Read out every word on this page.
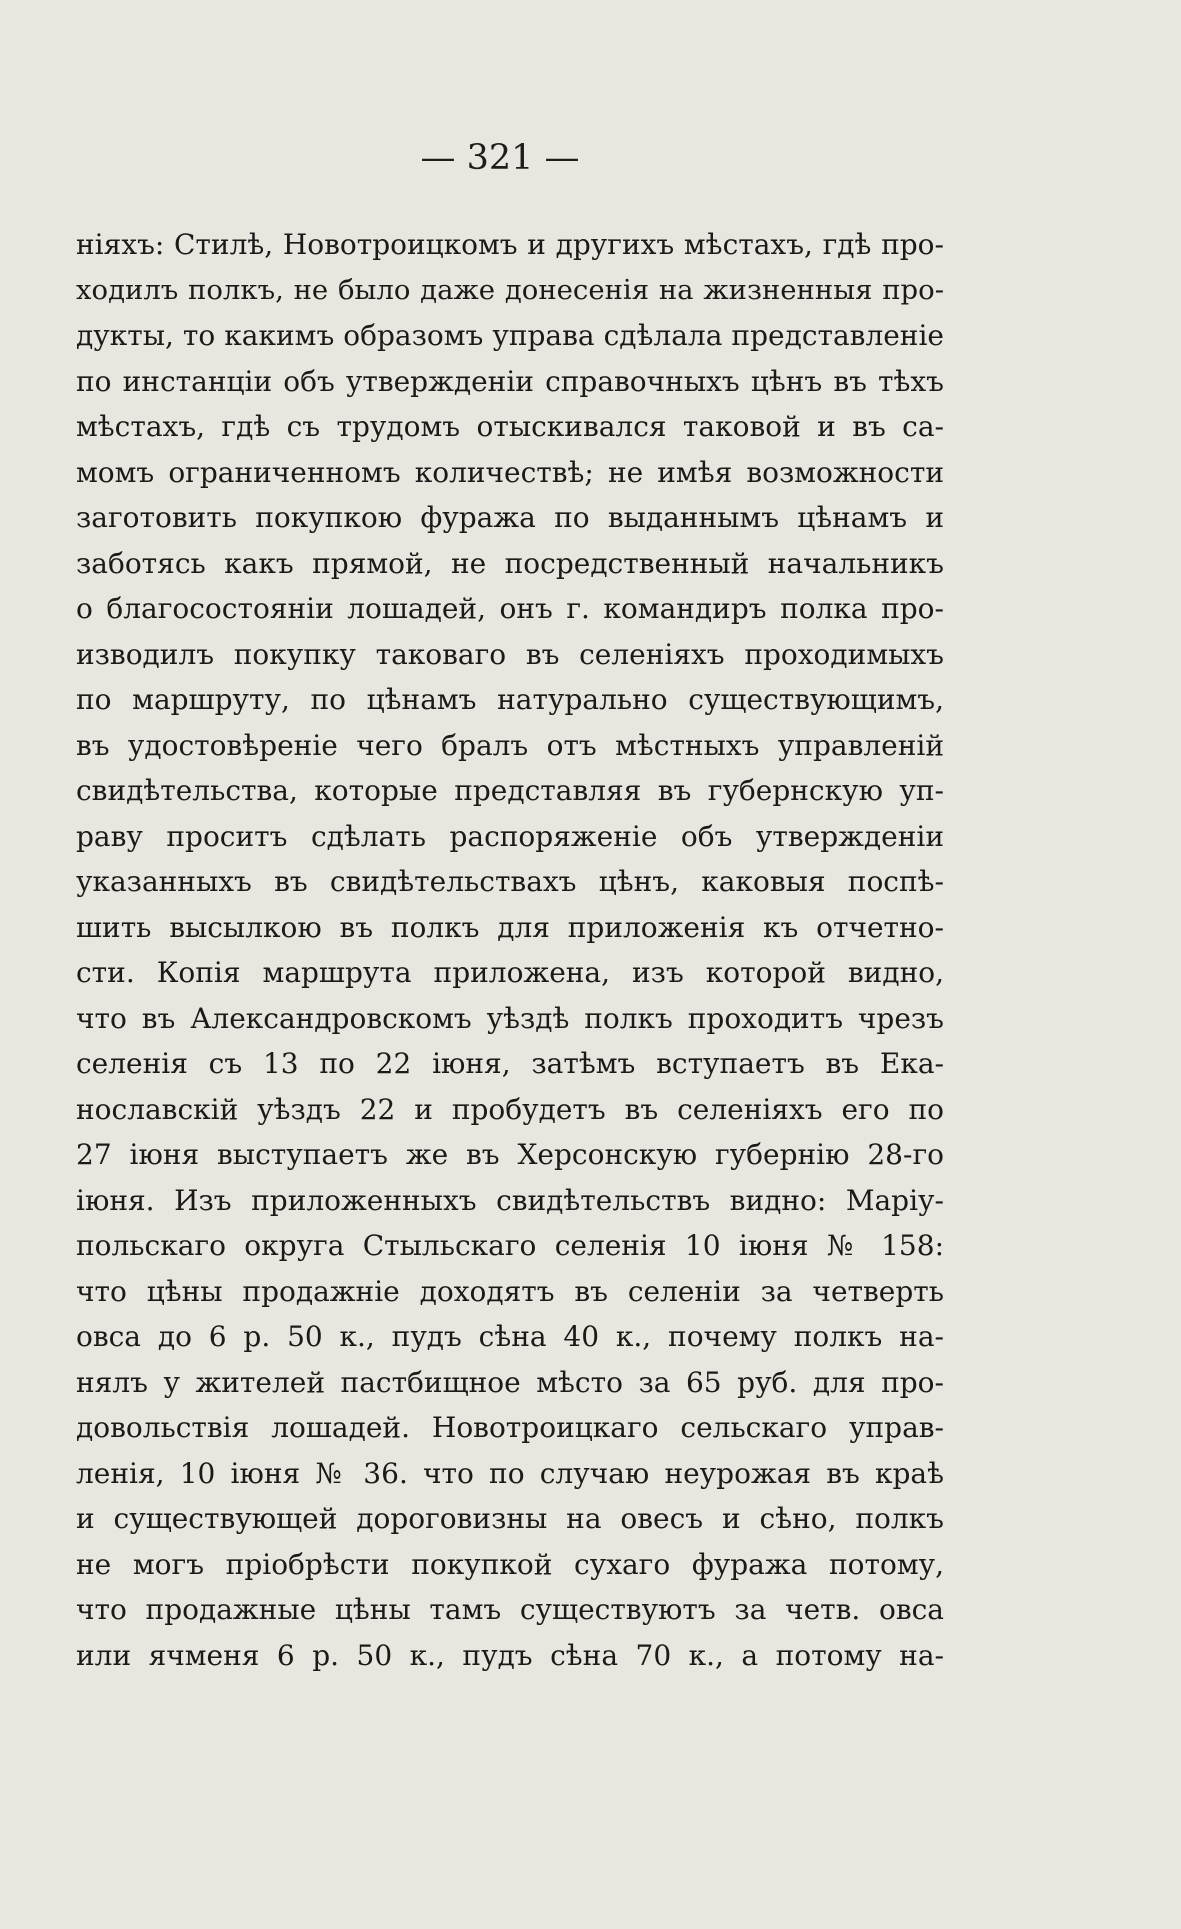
— 321 —
ніяхъ: Стилѣ, Новотроицкомъ и другихъ мѣстахъ, гдѣ про-
ходилъ полкъ, не было даже донесенія на жизненныя про-
дукты, то какимъ образомъ управа сдѣлала представленіе
по инстанціи объ утвержденіи справочныхъ цѣнъ въ тѣхъ
мѣстахъ, гдѣ съ трудомъ отыскивался таковой и въ са-
момъ ограниченномъ количествѣ; не имѣя возможности
заготовить покупкою фуража по выданнымъ цѣнамъ и
заботясь какъ прямой, не посредственный начальникъ
о благосостояніи лошадей, онъ г. командиръ полка про-
изводилъ покупку таковаго въ селеніяхъ проходимыхъ
по маршруту, по цѣнамъ натурально существующимъ,
въ удостовѣреніе чего бралъ отъ мѣстныхъ управленій
свидѣтельства, которые представляя въ губернскую уп-
раву проситъ сдѣлать распоряженіе объ утвержденіи
указанныхъ въ свидѣтельствахъ цѣнъ, каковыя поспѣ-
шить высылкою въ полкъ для приложенія къ отчетно-
сти. Копія маршрута приложена, изъ которой видно,
что въ Александровскомъ уѣздѣ полкъ проходитъ чрезъ
селенія съ 13 по 22 іюня, затѣмъ вступаетъ въ Ека-
нославскій уѣздъ 22 и пробудетъ въ селеніяхъ его по
27 іюня выступаетъ же въ Херсонскую губернію 28-го
іюня. Изъ приложенныхъ свидѣтельствъ видно: Маріу-
польскаго округа Стыльскаго селенія 10 іюня № 158:
что цѣны продажніе доходятъ въ селеніи за четверть
овса до 6 р. 50 к., пудъ сѣна 40 к., почему полкъ на-
нялъ у жителей пастбищное мѣсто за 65 руб. для про-
довольствія лошадей. Новотроицкаго сельскаго управ-
ленія, 10 іюня № 36. что по случаю неурожая въ краѣ
и существующей дороговизны на овесъ и сѣно, полкъ
не могъ пріобрѣсти покупкой сухаго фуража потому,
что продажные цѣны тамъ существуютъ за четв. овса
или ячменя 6 р. 50 к., пудъ сѣна 70 к., а потому на-
